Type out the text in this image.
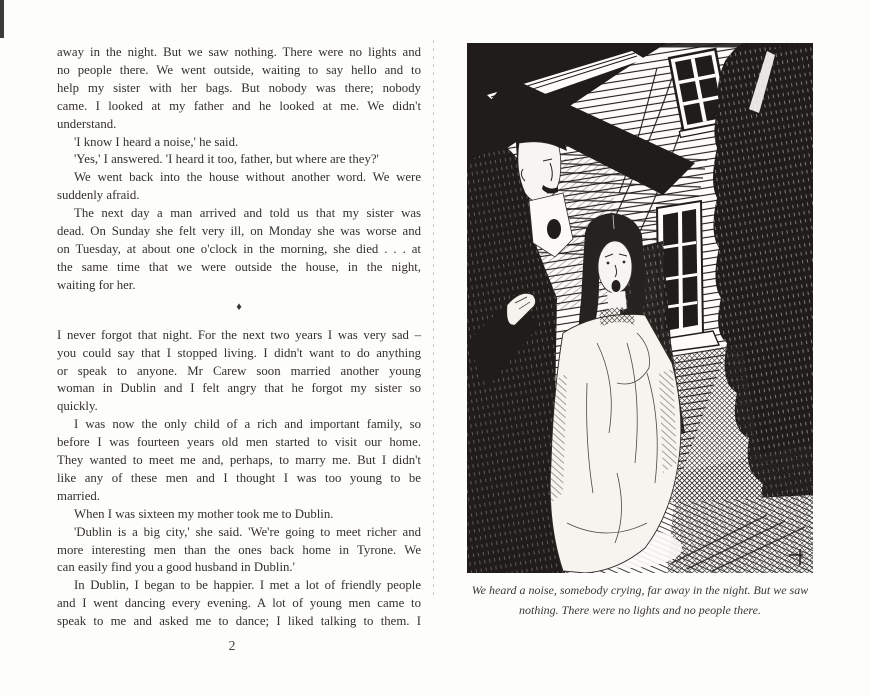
away in the night. But we saw nothing. There were no lights and
no people there. We went outside, waiting to say hello and to
help my sister with her bags. But nobody was there; nobody
came. I looked at my father and he looked at me. We didn't
understand.
'I know I heard a noise,' he said.
'Yes,' I answered. 'I heard it too, father, but where are they?'
We went back into the house without another word. We were
suddenly afraid.
The next day a man arrived and told us that my sister was
dead. On Sunday she felt very ill, on Monday she was worse and
on Tuesday, at about one o'clock in the morning, she died . . . at
the same time that we were outside the house, in the night,
waiting for her.
♦
I never forgot that night. For the next two years I was very sad –
you could say that I stopped living. I didn't want to do anything
or speak to anyone. Mr Carew soon married another young
woman in Dublin and I felt angry that he forgot my sister so
quickly.
I was now the only child of a rich and important family, so
before I was fourteen years old men started to visit our home.
They wanted to meet me and, perhaps, to marry me. But I didn't
like any of these men and I thought I was too young to be
married.
When I was sixteen my mother took me to Dublin.
'Dublin is a big city,' she said. 'We're going to meet richer and
more interesting men than the ones back home in Tyrone. We
can easily find you a good husband in Dublin.'
In Dublin, I began to be happier. I met a lot of friendly people
and I went dancing every evening. A lot of young men came to
speak to me and asked me to dance; I liked talking to them. I
2
We heard a noise, somebody crying, far away in the night. But we saw
nothing. There were no lights and no people there.
